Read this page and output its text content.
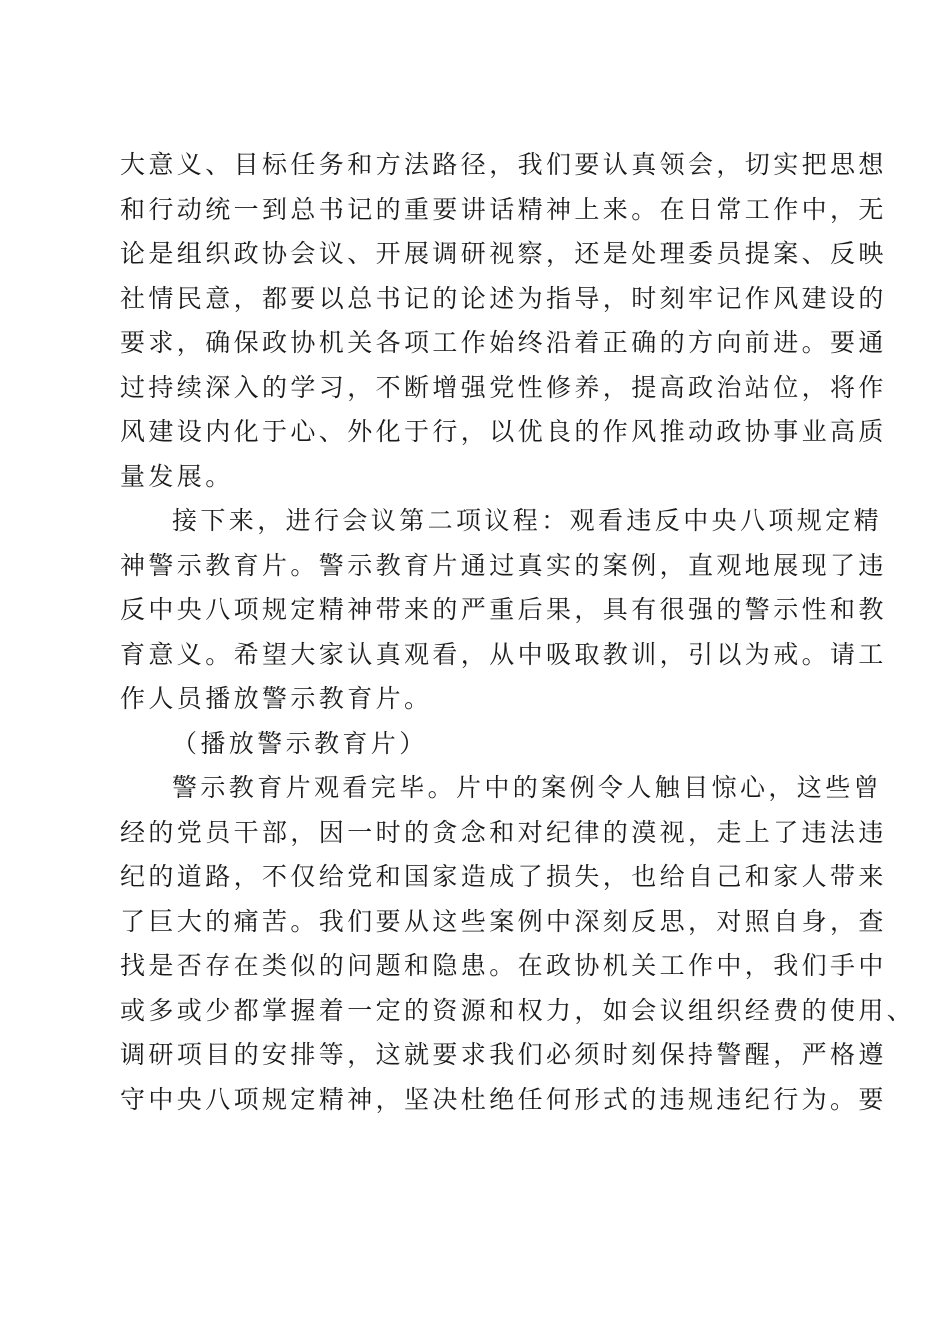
大意义、目标任务和方法路径，我们要认真领会，切实把思想
和行动统一到总书记的重要讲话精神上来。在日常工作中，无
论是组织政协会议、开展调研视察，还是处理委员提案、反映
社情民意，都要以总书记的论述为指导，时刻牢记作风建设的
要求，确保政协机关各项工作始终沿着正确的方向前进。要通
过持续深入的学习，不断增强党性修养，提高政治站位，将作
风建设内化于心、外化于行，以优良的作风推动政协事业高质
量发展。
接下来，进行会议第二项议程：观看违反中央八项规定精
神警示教育片。警示教育片通过真实的案例，直观地展现了违
反中央八项规定精神带来的严重后果，具有很强的警示性和教
育意义。希望大家认真观看，从中吸取教训，引以为戒。请工
作人员播放警示教育片。
（播放警示教育片）
警示教育片观看完毕。片中的案例令人触目惊心，这些曾
经的党员干部，因一时的贪念和对纪律的漠视，走上了违法违
纪的道路，不仅给党和国家造成了损失，也给自己和家人带来
了巨大的痛苦。我们要从这些案例中深刻反思，对照自身，查
找是否存在类似的问题和隐患。在政协机关工作中，我们手中
或多或少都掌握着一定的资源和权力，如会议组织经费的使用、
调研项目的安排等，这就要求我们必须时刻保持警醒，严格遵
守中央八项规定精神，坚决杜绝任何形式的违规违纪行为。要
